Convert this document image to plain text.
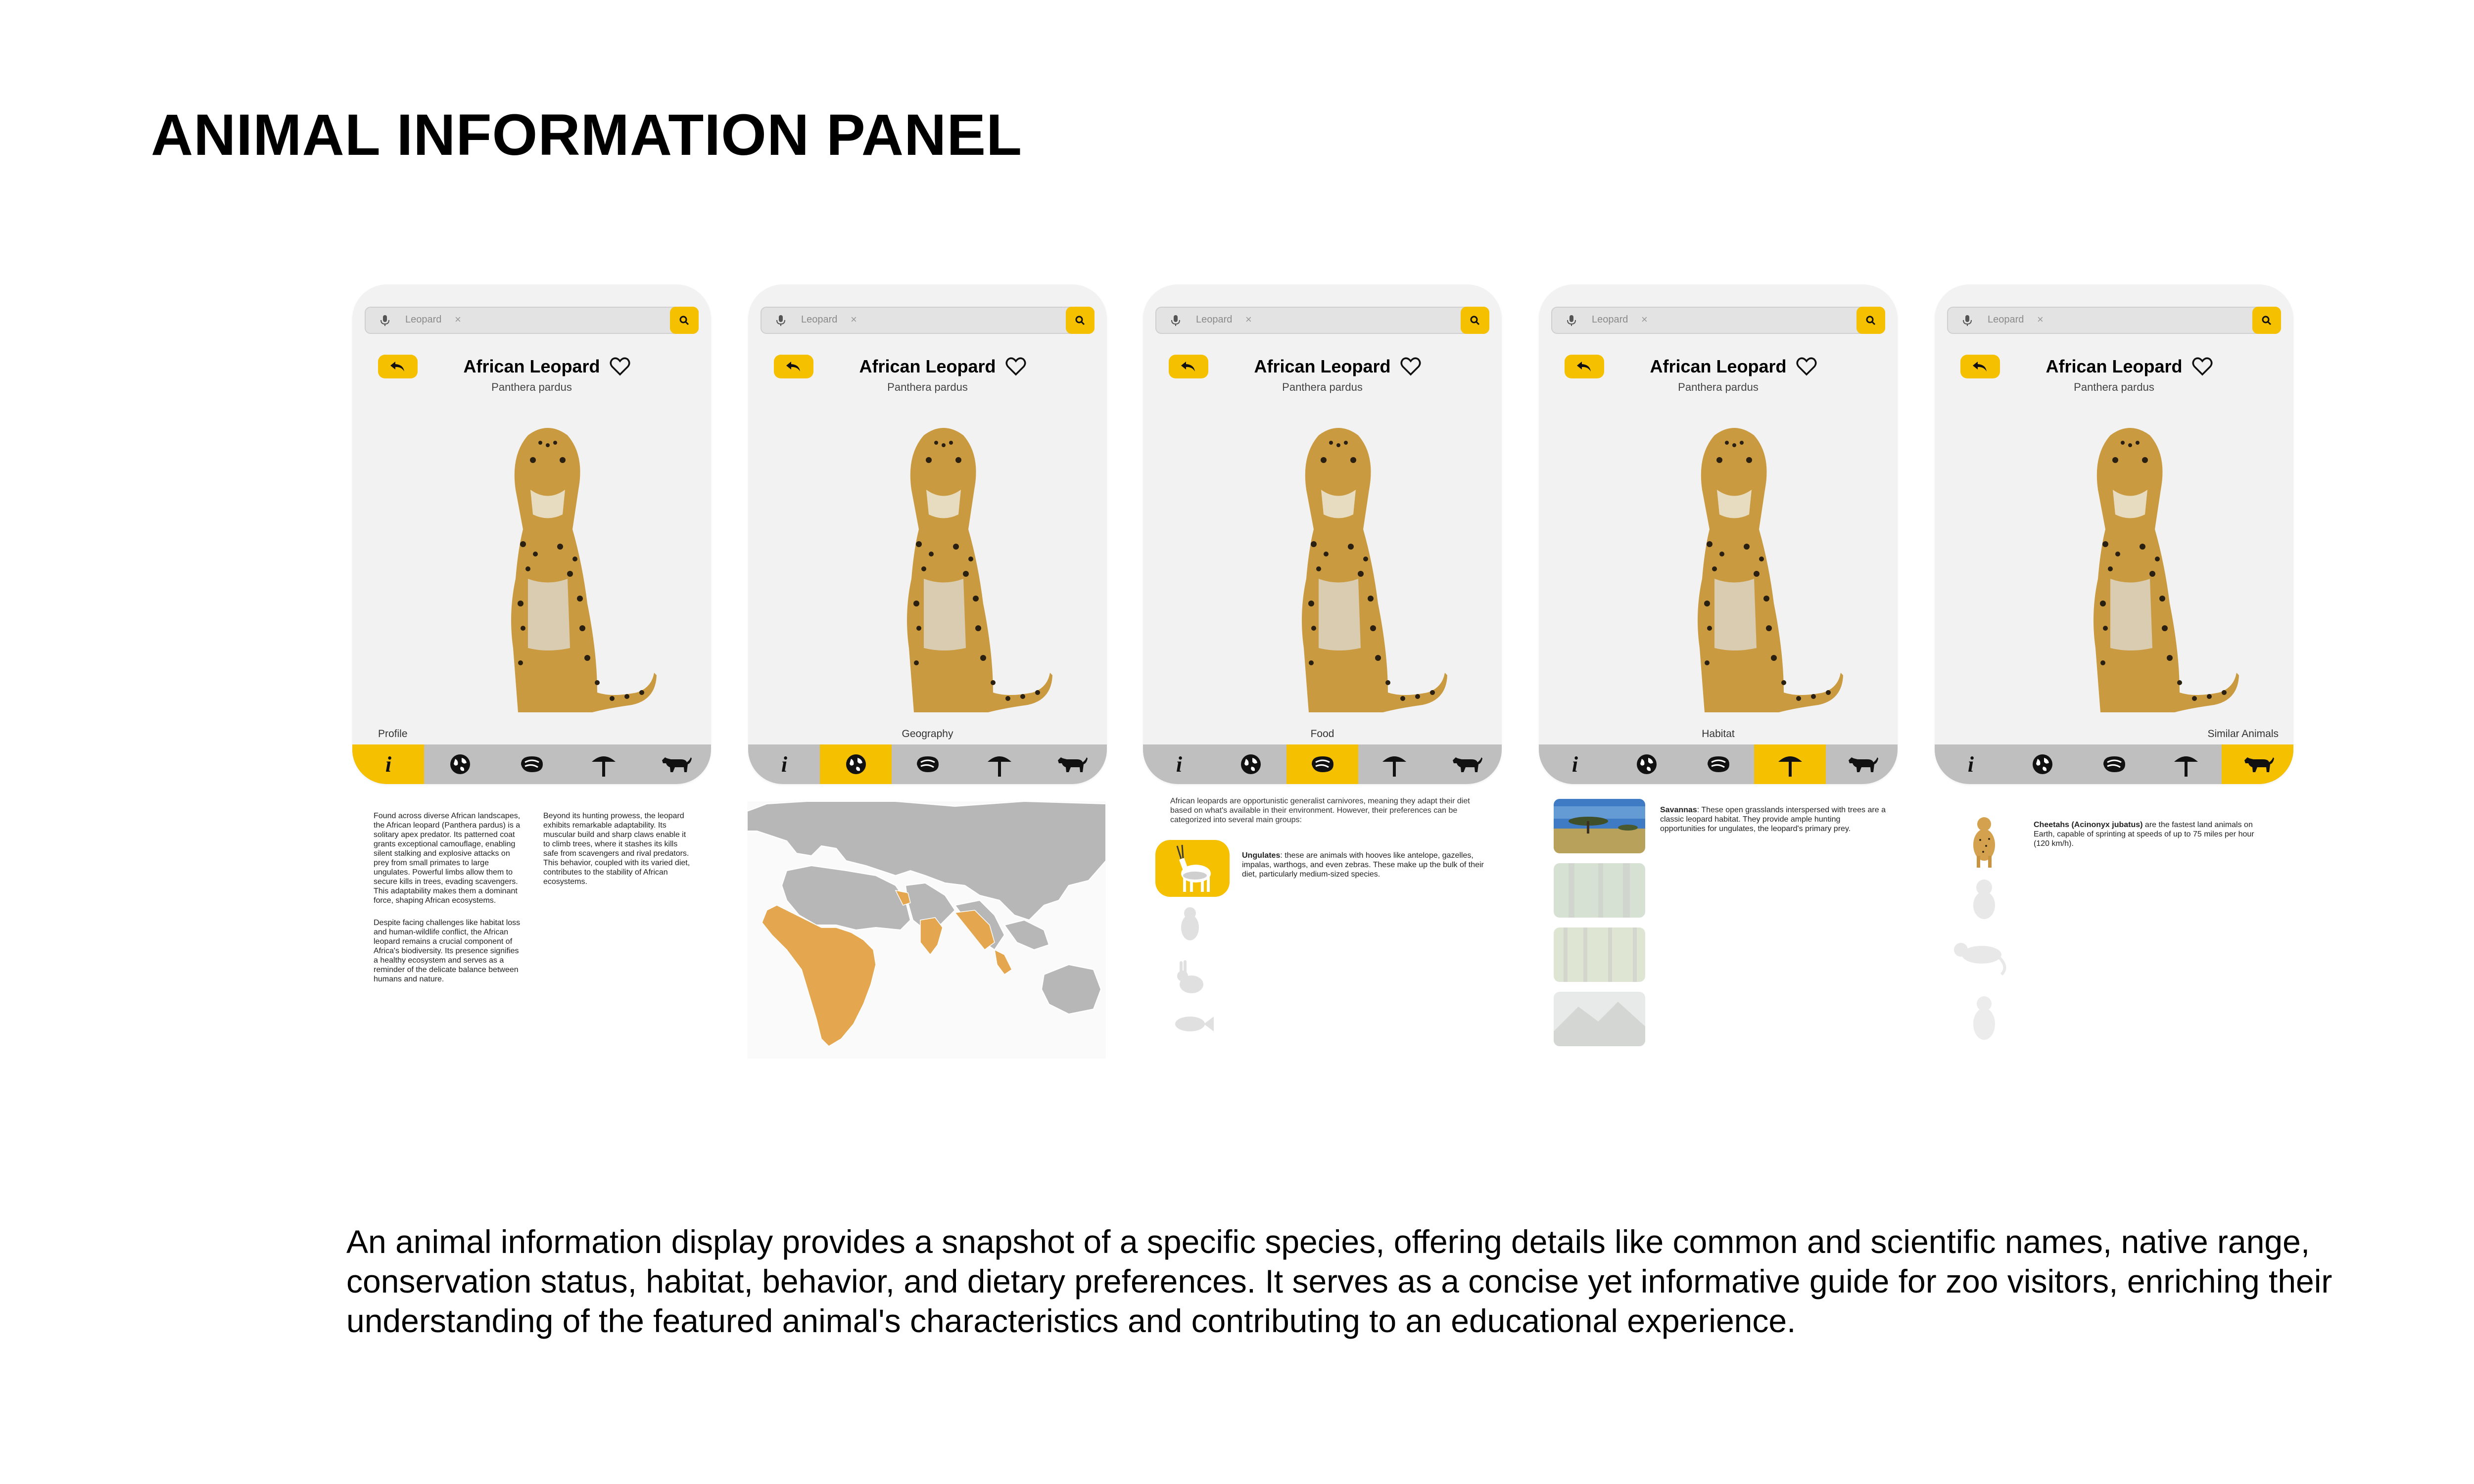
ANIMAL INFORMATION PANEL
Leopard ×
African Leopard
Panthera pardus
Profile
i
Leopard ×
African Leopard
Panthera pardus
Geography
i
Leopard ×
African Leopard
Panthera pardus
Food
i
Leopard ×
African Leopard
Panthera pardus
Habitat
i
Leopard ×
African Leopard
Panthera pardus
Similar Animals
i

Found across diverse African landscapes, the African leopard (Panthera pardus) is a solitary apex predator. Its patterned coat grants exceptional camouflage, enabling silent stalking and explosive attacks on prey from small primates to large ungulates. Powerful limbs allow them to secure kills in trees, evading scavengers. This adaptability makes them a dominant force, shaping African ecosystems.

Despite facing challenges like habitat loss and human-wildlife conflict, the African leopard remains a crucial component of Africa's biodiversity. Its presence signifies a healthy ecosystem and serves as a reminder of the delicate balance between humans and nature.

Beyond its hunting prowess, the leopard exhibits remarkable adaptability. Its muscular build and sharp claws enable it to climb trees, where it stashes its kills safe from scavengers and rival predators. This behavior, coupled with its varied diet, contributes to the stability of African ecosystems.

African leopards are opportunistic generalist carnivores, meaning they adapt their diet based on what's available in their environment. However, their preferences can be categorized into several main groups:

Ungulates: these are animals with hooves like antelope, gazelles, impalas, warthogs, and even zebras. These make up the bulk of their diet, particularly medium-sized species.

Savannas: These open grasslands interspersed with trees are a classic leopard habitat. They provide ample hunting opportunities for ungulates, the leopard's primary prey.	Cheetahs (Acinonyx jubatus) are the fastest land animals on Earth, capable of sprinting at speeds of up to 75 miles per hour (120 km/h).

An animal information display provides a snapshot of a specific species, offering details like common and scientific names, native range, conservation status, habitat, behavior, and dietary preferences. It serves as a concise yet informative guide for zoo visitors, enriching their understanding of the featured animal's characteristics and contributing to an educational experience.
